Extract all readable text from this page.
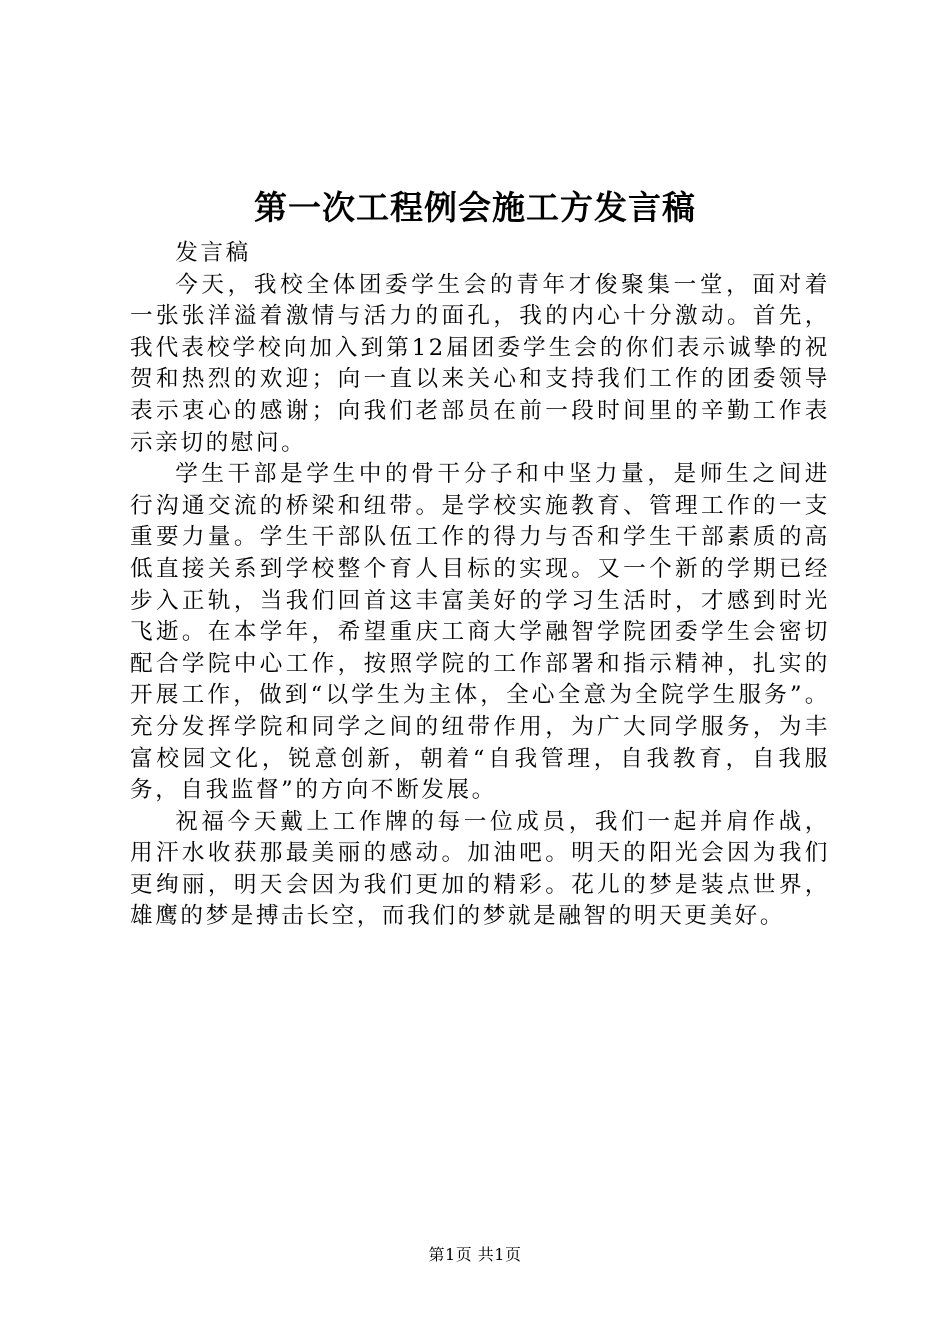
第一次工程例会施工方发言稿

发言稿

今天，我校全体团委学生会的青年才俊聚集一堂，面对着一张张洋溢着激情与活力的面孔，我的内心十分激动。首先，我代表校学校向加入到第12届团委学生会的你们表示诚挚的祝贺和热烈的欢迎；向一直以来关心和支持我们工作的团委领导表示衷心的感谢；向我们老部员在前一段时间里的辛勤工作表示亲切的慰问。

学生干部是学生中的骨干分子和中坚力量，是师生之间进行沟通交流的桥梁和纽带。是学校实施教育、管理工作的一支重要力量。学生干部队伍工作的得力与否和学生干部素质的高低直接关系到学校整个育人目标的实现。又一个新的学期已经步入正轨，当我们回首这丰富美好的学习生活时，才感到时光飞逝。在本学年，希望重庆工商大学融智学院团委学生会密切配合学院中心工作，按照学院的工作部署和指示精神，扎实的开展工作，做到“以学生为主体，全心全意为全院学生服务”。充分发挥学院和同学之间的纽带作用，为广大同学服务，为丰富校园文化，锐意创新，朝着“自我管理，自我教育，自我服务，自我监督”的方向不断发展。

祝福今天戴上工作牌的每一位成员，我们一起并肩作战，用汗水收获那最美丽的感动。加油吧。明天的阳光会因为我们更绚丽，明天会因为我们更加的精彩。花儿的梦是装点世界，雄鹰的梦是搏击长空，而我们的梦就是融智的明天更美好。

第1页 共1页
